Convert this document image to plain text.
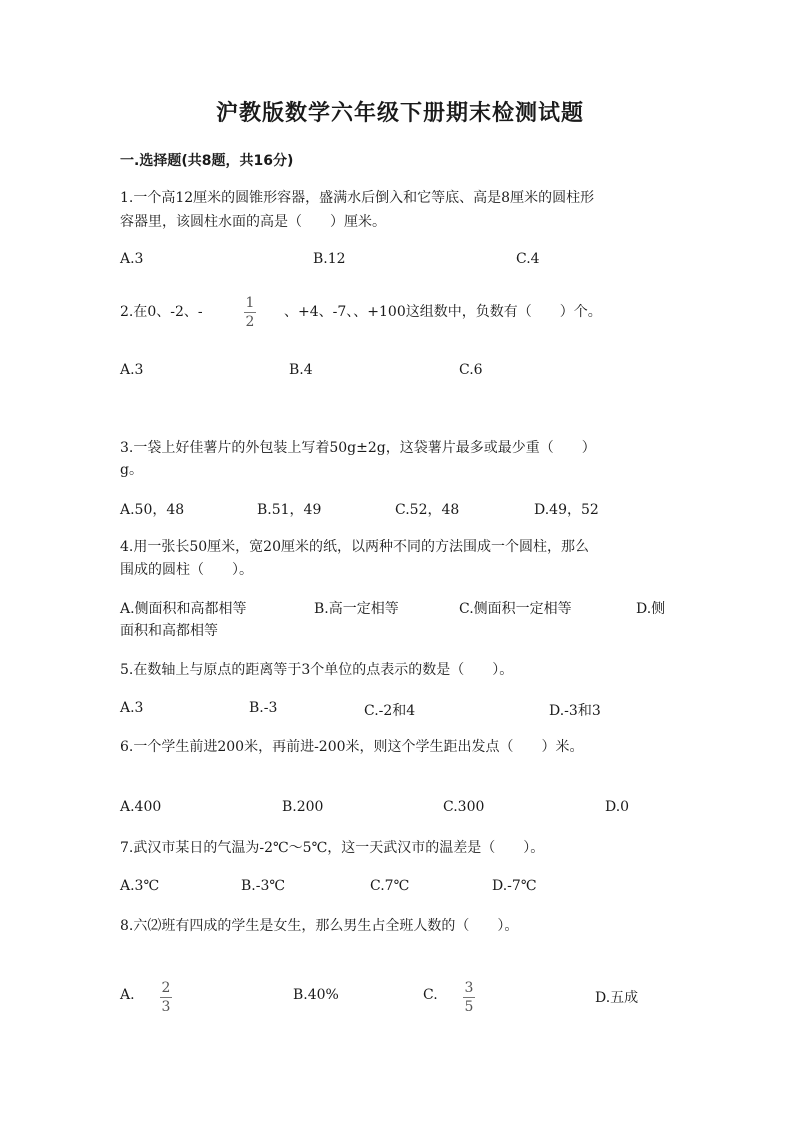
沪教版数学六年级下册期末检测试题
一.选择题(共8题，共16分)
1.一个高12厘米的圆锥形容器，盛满水后倒入和它等底、高是8厘米的圆柱形
容器里，该圆柱水面的高是（　　）厘米。
A.3	B.12	C.4
2.在0、-2、-
1
2
、+4、-7、、+100这组数中，负数有（　　）个。
A.3	B.4	C.6
3.一袋上好佳薯片的外包装上写着50g±2g，这袋薯片最多或最少重（　　）
g。
A.50，48	B.51，49	C.52，48	D.49，52
4.用一张长50厘米，宽20厘米的纸，以两种不同的方法围成一个圆柱，那么
围成的圆柱（　　）。
A.侧面积和高都相等	B.高一定相等	C.侧面积一定相等	D.侧
面积和高都相等
5.在数轴上与原点的距离等于3个单位的点表示的数是（　　）。
A.3	B.-3	C.-2和4	D.-3和3
6.一个学生前进200米，再前进-200米，则这个学生距出发点（　　）米。
A.400	B.200	C.300	D.0
7.武汉市某日的气温为-2℃～5℃，这一天武汉市的温差是（　　）。
A.3℃	B.-3℃	C.7℃	D.-7℃
8.六⑵班有四成的学生是女生，那么男生占全班人数的（　　）。
A. 2
3
B.40%	C. 3
5
D.五成
